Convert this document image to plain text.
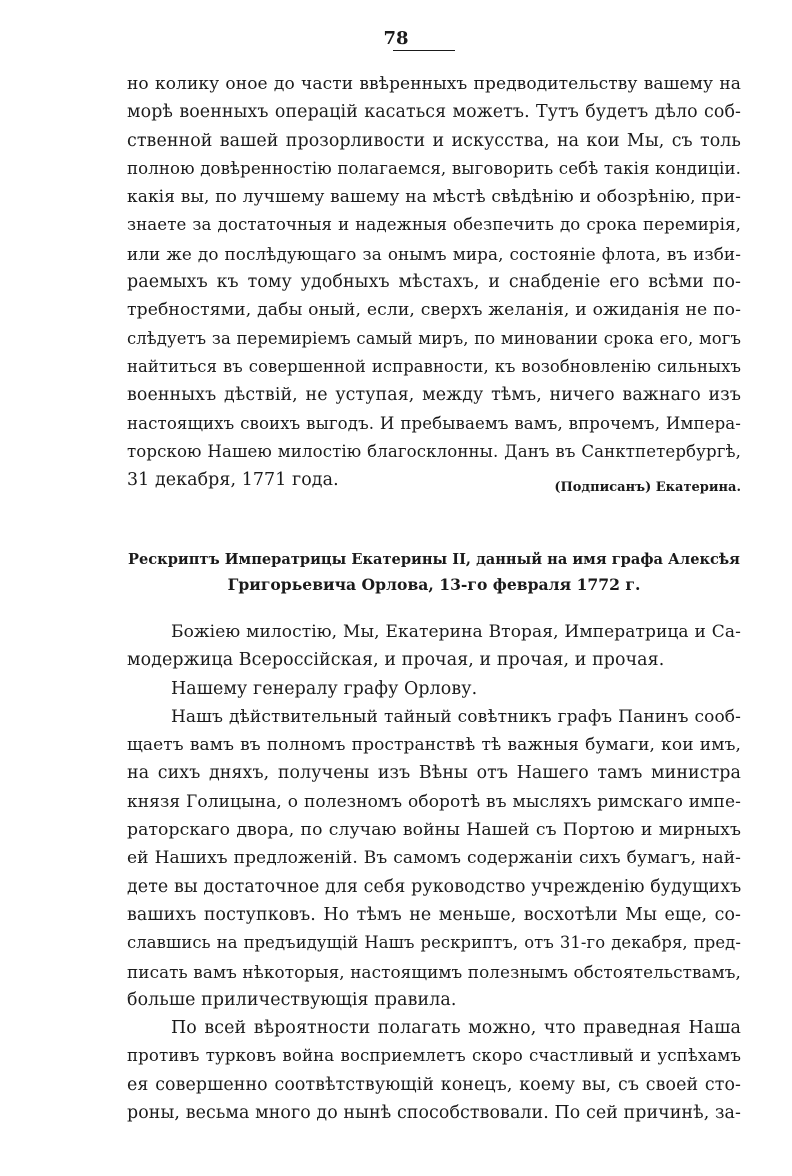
78
но колику оное до части ввѣренныхъ предводительству вашему на
морѣ военныхъ операцій касаться можетъ. Тутъ будетъ дѣло соб-
ственной вашей прозорливости и искусства, на кои Мы, съ толь
полною довѣренностію полагаемся, выговорить себѣ такія кондиціи.
какія вы, по лучшему вашему на мѣстѣ свѣдѣнію и обозрѣнію, при-
знаете за достаточныя и надежныя обезпечить до срока перемирія,
или же до послѣдующаго за онымъ мира, состояніе флота, въ изби-
раемыхъ къ тому удобныхъ мѣстахъ, и снабденіе его всѣми по-
требностями, дабы оный, если, сверхъ желанія, и ожиданія не по-
слѣдуетъ за перемиріемъ самый миръ, по миновании срока его, могъ
найтиться въ совершенной исправности, къ возобновленію сильныхъ
военныхъ дѣствій, не уступая, между тѣмъ, ничего важнаго изъ
настоящихъ своихъ выгодъ. И пребываемъ вамъ, впрочемъ, Импера-
торскою Нашею милостію благосклонны. Данъ въ Санктпетербургѣ,
31 декабря, 1771 года.	(Подписанъ) Екатерина.
Рескриптъ Императрицы Екатерины II, данный на имя графа Алексѣя
Григорьевича Орлова, 13-го февраля 1772 г.
Божіею милостію, Мы, Екатерина Вторая, Императрица и Са-
модержица Всероссійская, и прочая, и прочая, и прочая.
Нашему генералу графу Орлову.
Нашъ дѣйствительный тайный совѣтникъ графъ Панинъ сооб-
щаетъ вамъ въ полномъ пространствѣ тѣ важныя бумаги, кои имъ,
на сихъ дняхъ, получены изъ Вѣны отъ Нашего тамъ министра
князя Голицына, о полезномъ оборотѣ въ мысляхъ римскаго импе-
раторскаго двора, по случаю войны Нашей съ Портою и мирныхъ
ей Нашихъ предложеній. Въ самомъ содержаніи сихъ бумагъ, най-
дете вы достаточное для себя руководство учрежденію будущихъ
вашихъ поступковъ. Но тѣмъ не меньше, восхотѣли Мы еще, со-
славшись на предъидущій Нашъ рескриптъ, отъ 31-го декабря, пред-
писать вамъ нѣкоторыя, настоящимъ полезнымъ обстоятельствамъ,
больше приличествующія правила.
По всей вѣроятности полагать можно, что праведная Наша
противъ турковъ война восприемлетъ скоро счастливый и успѣхамъ
ея совершенно соотвѣтствующій конецъ, коему вы, съ своей сто-
роны, весьма много до нынѣ способствовали. По сей причинѣ, за-
